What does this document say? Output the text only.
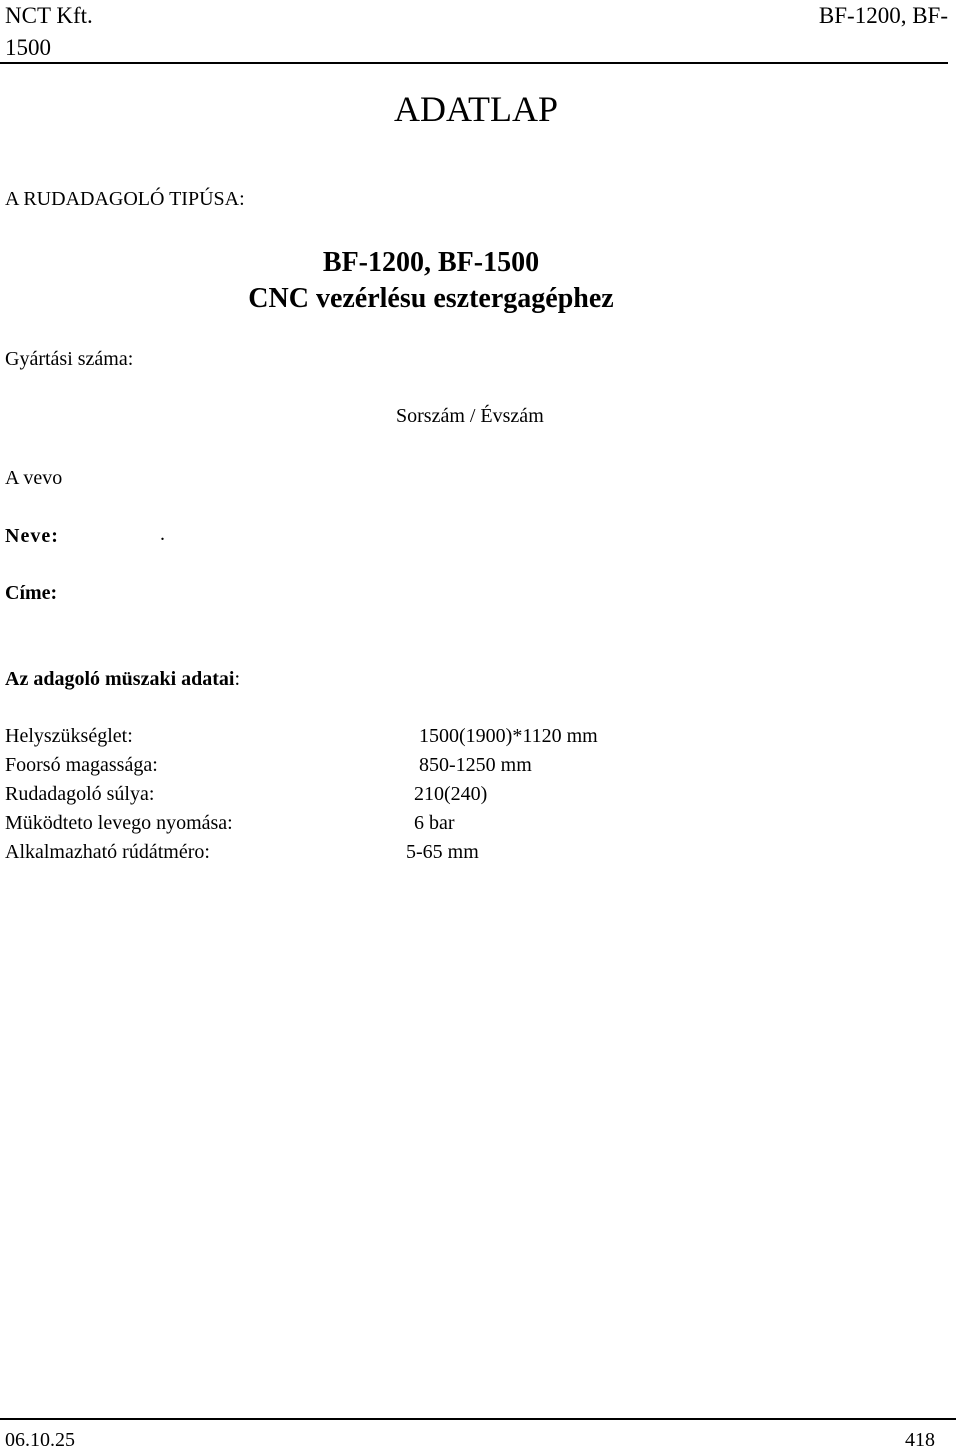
NCT Kft.
1500
BF-1200, BF-
ADATLAP
A RUDADAGOLÓ TIPÚSA:
BF-1200, BF-1500
CNC vezérlésu esztergagéphez
Gyártási száma:
Sorszám / Évszám
A vevo
Neve:	.
Címe:
Az adagoló müszaki adatai:
Helyszükséglet:	1500(1900)*1120 mm
Foorsó magassága:	850-1250 mm
Rudadagoló súlya:	210(240)
Müködteto levego nyomása:	6 bar
Alkalmazható rúdátméro:	5-65 mm
06.10.25	418
